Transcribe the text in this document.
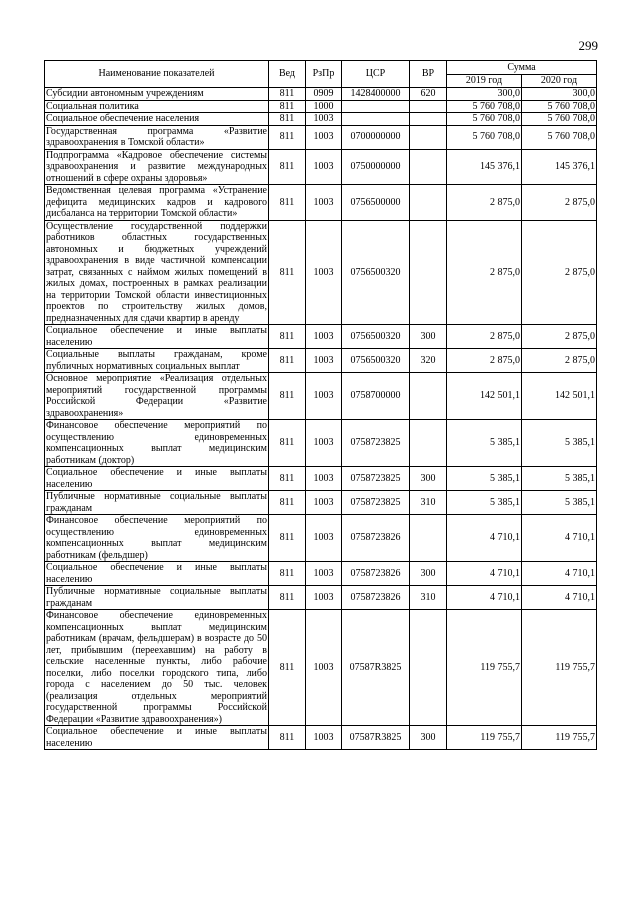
299
Наименование показателей	Вед	РзПр	ЦСР	ВР	Сумма	
					2019 год	2020 год
Субсидии автономным учреждениям	811	0909	1428400000	620	300,0	300,0
Социальная политика	811	1000			5 760 708,0	5 760 708,0
Социальное обеспечение населения	811	1003			5 760 708,0	5 760 708,0
Государственная программа «Развитие здравоохранения в Томской области»	811	1003	0700000000		5 760 708,0	5 760 708,0
Подпрограмма «Кадровое обеспечение системы здравоохранения и развитие международных отношений в сфере охраны здоровья»	811	1003	0750000000		145 376,1	145 376,1
Ведомственная целевая программа «Устранение дефицита медицинских кадров и кадрового дисбаланса на территории Томской области»	811	1003	0756500000		2 875,0	2 875,0
Осуществление государственной поддержки работников областных государственных автономных и бюджетных учреждений здравоохранения в виде частичной компенсации затрат, связанных с наймом жилых помещений в жилых домах, построенных в рамках реализации на территории Томской области инвестиционных проектов по строительству жилых домов, предназначенных для сдачи квартир в аренду	811	1003	0756500320		2 875,0	2 875,0
Социальное обеспечение и иные выплаты населению	811	1003	0756500320	300	2 875,0	2 875,0
Социальные выплаты гражданам, кроме публичных нормативных социальных выплат	811	1003	0756500320	320	2 875,0	2 875,0
Основное мероприятие «Реализация отдельных мероприятий государственной программы Российской Федерации «Развитие здравоохранения»	811	1003	0758700000		142 501,1	142 501,1
Финансовое обеспечение мероприятий по осуществлению единовременных компенсационных выплат медицинским работникам (доктор)	811	1003	0758723825		5 385,1	5 385,1
Социальное обеспечение и иные выплаты населению	811	1003	0758723825	300	5 385,1	5 385,1
Публичные нормативные социальные выплаты гражданам	811	1003	0758723825	310	5 385,1	5 385,1
Финансовое обеспечение мероприятий по осуществлению единовременных компенсационных выплат медицинским работникам (фельдшер)	811	1003	0758723826		4 710,1	4 710,1
Социальное обеспечение и иные выплаты населению	811	1003	0758723826	300	4 710,1	4 710,1
Публичные нормативные социальные выплаты гражданам	811	1003	0758723826	310	4 710,1	4 710,1
Финансовое обеспечение единовременных компенсационных выплат медицинским работникам (врачам, фельдшерам) в возрасте до 50 лет, прибывшим (переехавшим) на работу в сельские населенные пункты, либо рабочие поселки, либо поселки городского типа, либо города с населением до 50 тыс. человек (реализация отдельных мероприятий государственной программы Российской Федерации «Развитие здравоохранения»)	811	1003	07587R3825		119 755,7	119 755,7
Социальное обеспечение и иные выплаты населению	811	1003	07587R3825	300	119 755,7	119 755,7
